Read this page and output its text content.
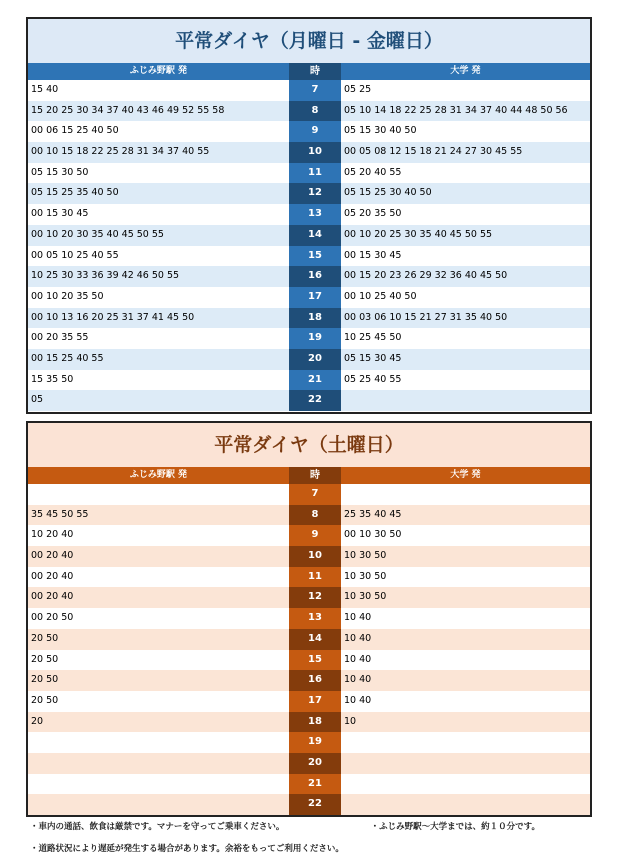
平常ダイヤ（月曜日 - 金曜日）
ふじみ野駅 発	時	大学 発
15 40	7	05 25
15 20 25 30 34 37 40 43 46 49 52 55 58	8	05 10 14 18 22 25 28 31 34 37 40 44 48 50 56
00 06 15 25 40 50	9	05 15 30 40 50
00 10 15 18 22 25 28 31 34 37 40 55	10	00 05 08 12 15 18 21 24 27 30 45 55
05 15 30 50	11	05 20 40 55
05 15 25 35 40 50	12	05 15 25 30 40 50
00 15 30 45	13	05 20 35 50
00 10 20 30 35 40 45 50 55	14	00 10 20 25 30 35 40 45 50 55
00 05 10 25 40 55	15	00 15 30 45
10 25 30 33 36 39 42 46 50 55	16	00 15 20 23 26 29 32 36 40 45 50
00 10 20 35 50	17	00 10 25 40 50
00 10 13 16 20 25 31 37 41 45 50	18	00 03 06 10 15 21 27 31 35 40 50
00 20 35 55	19	10 25 45 50
00 15 25 40 55	20	05 15 30 45
15 35 50	21	05 25 40 55
05	22
平常ダイヤ（土曜日）
ふじみ野駅 発	時	大学 発
7
35 45 50 55	8	25 35 40 45
10 20 40	9	00 10 30 50
00 20 40	10	10 30 50
00 20 40	11	10 30 50
00 20 40	12	10 30 50
00 20 50	13	10 40
20 50	14	10 40
20 50	15	10 40
20 50	16	10 40
20 50	17	10 40
20	18	10
19
20
21
22
・車内の通話、飲食は厳禁です。マナーを守ってご乗車ください。	・ふじみ野駅～大学までは、約１０分です。
・道路状況により遅延が発生する場合があります。余裕をもってご利用ください。
